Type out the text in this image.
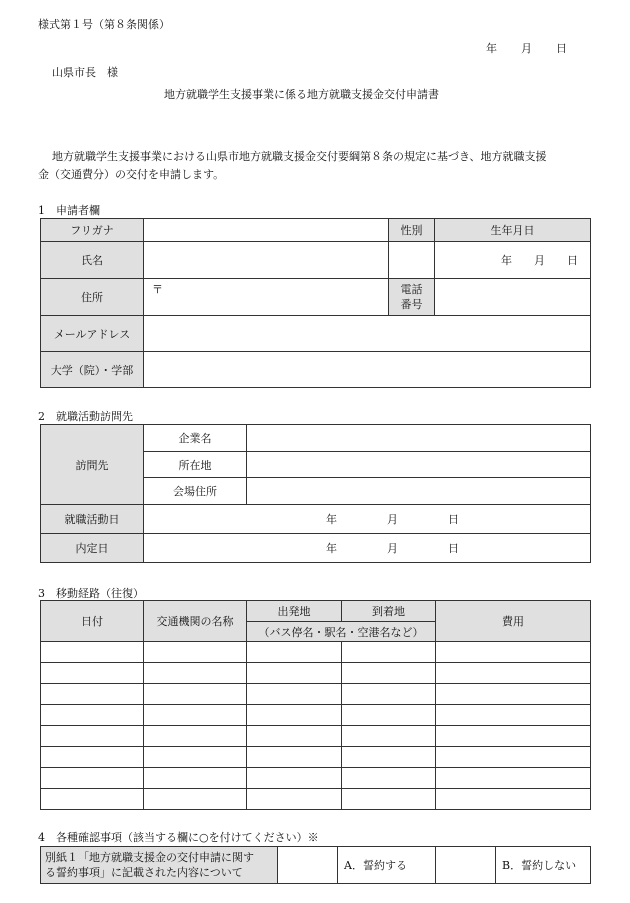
様式第１号（第８条関係）
年 月 日
山県市長　様
地方就職学生支援事業に係る地方就職支援金交付申請書
地方就職学生支援事業における山県市地方就職支援金交付要綱第８条の規定に基づき、地方就職支援
金（交通費分）の交付を申請します。
1　申請者欄
フリガナ		性別	生年月日
氏名			年 月 日
住所	〒	電話
番号	

メールアドレス			
大学（院）・学部			
2　就職活動訪問先
訪問先	企業名	
	所在地	
	会場住所	
就職活動日	年 月 日	
内定日	年 月 日	
3　移動経路（往復）
日付	交通機関の名称	出発地	到着地	費用
		（バス停名・駅名・空港名など）		

4　各種確認事項（該当する欄に○を付けてください）※
別紙１「地方就職支援金の交付申請に関す
る誓約事項」に記載された内容について
		A．誓約する		B．誓約しない
